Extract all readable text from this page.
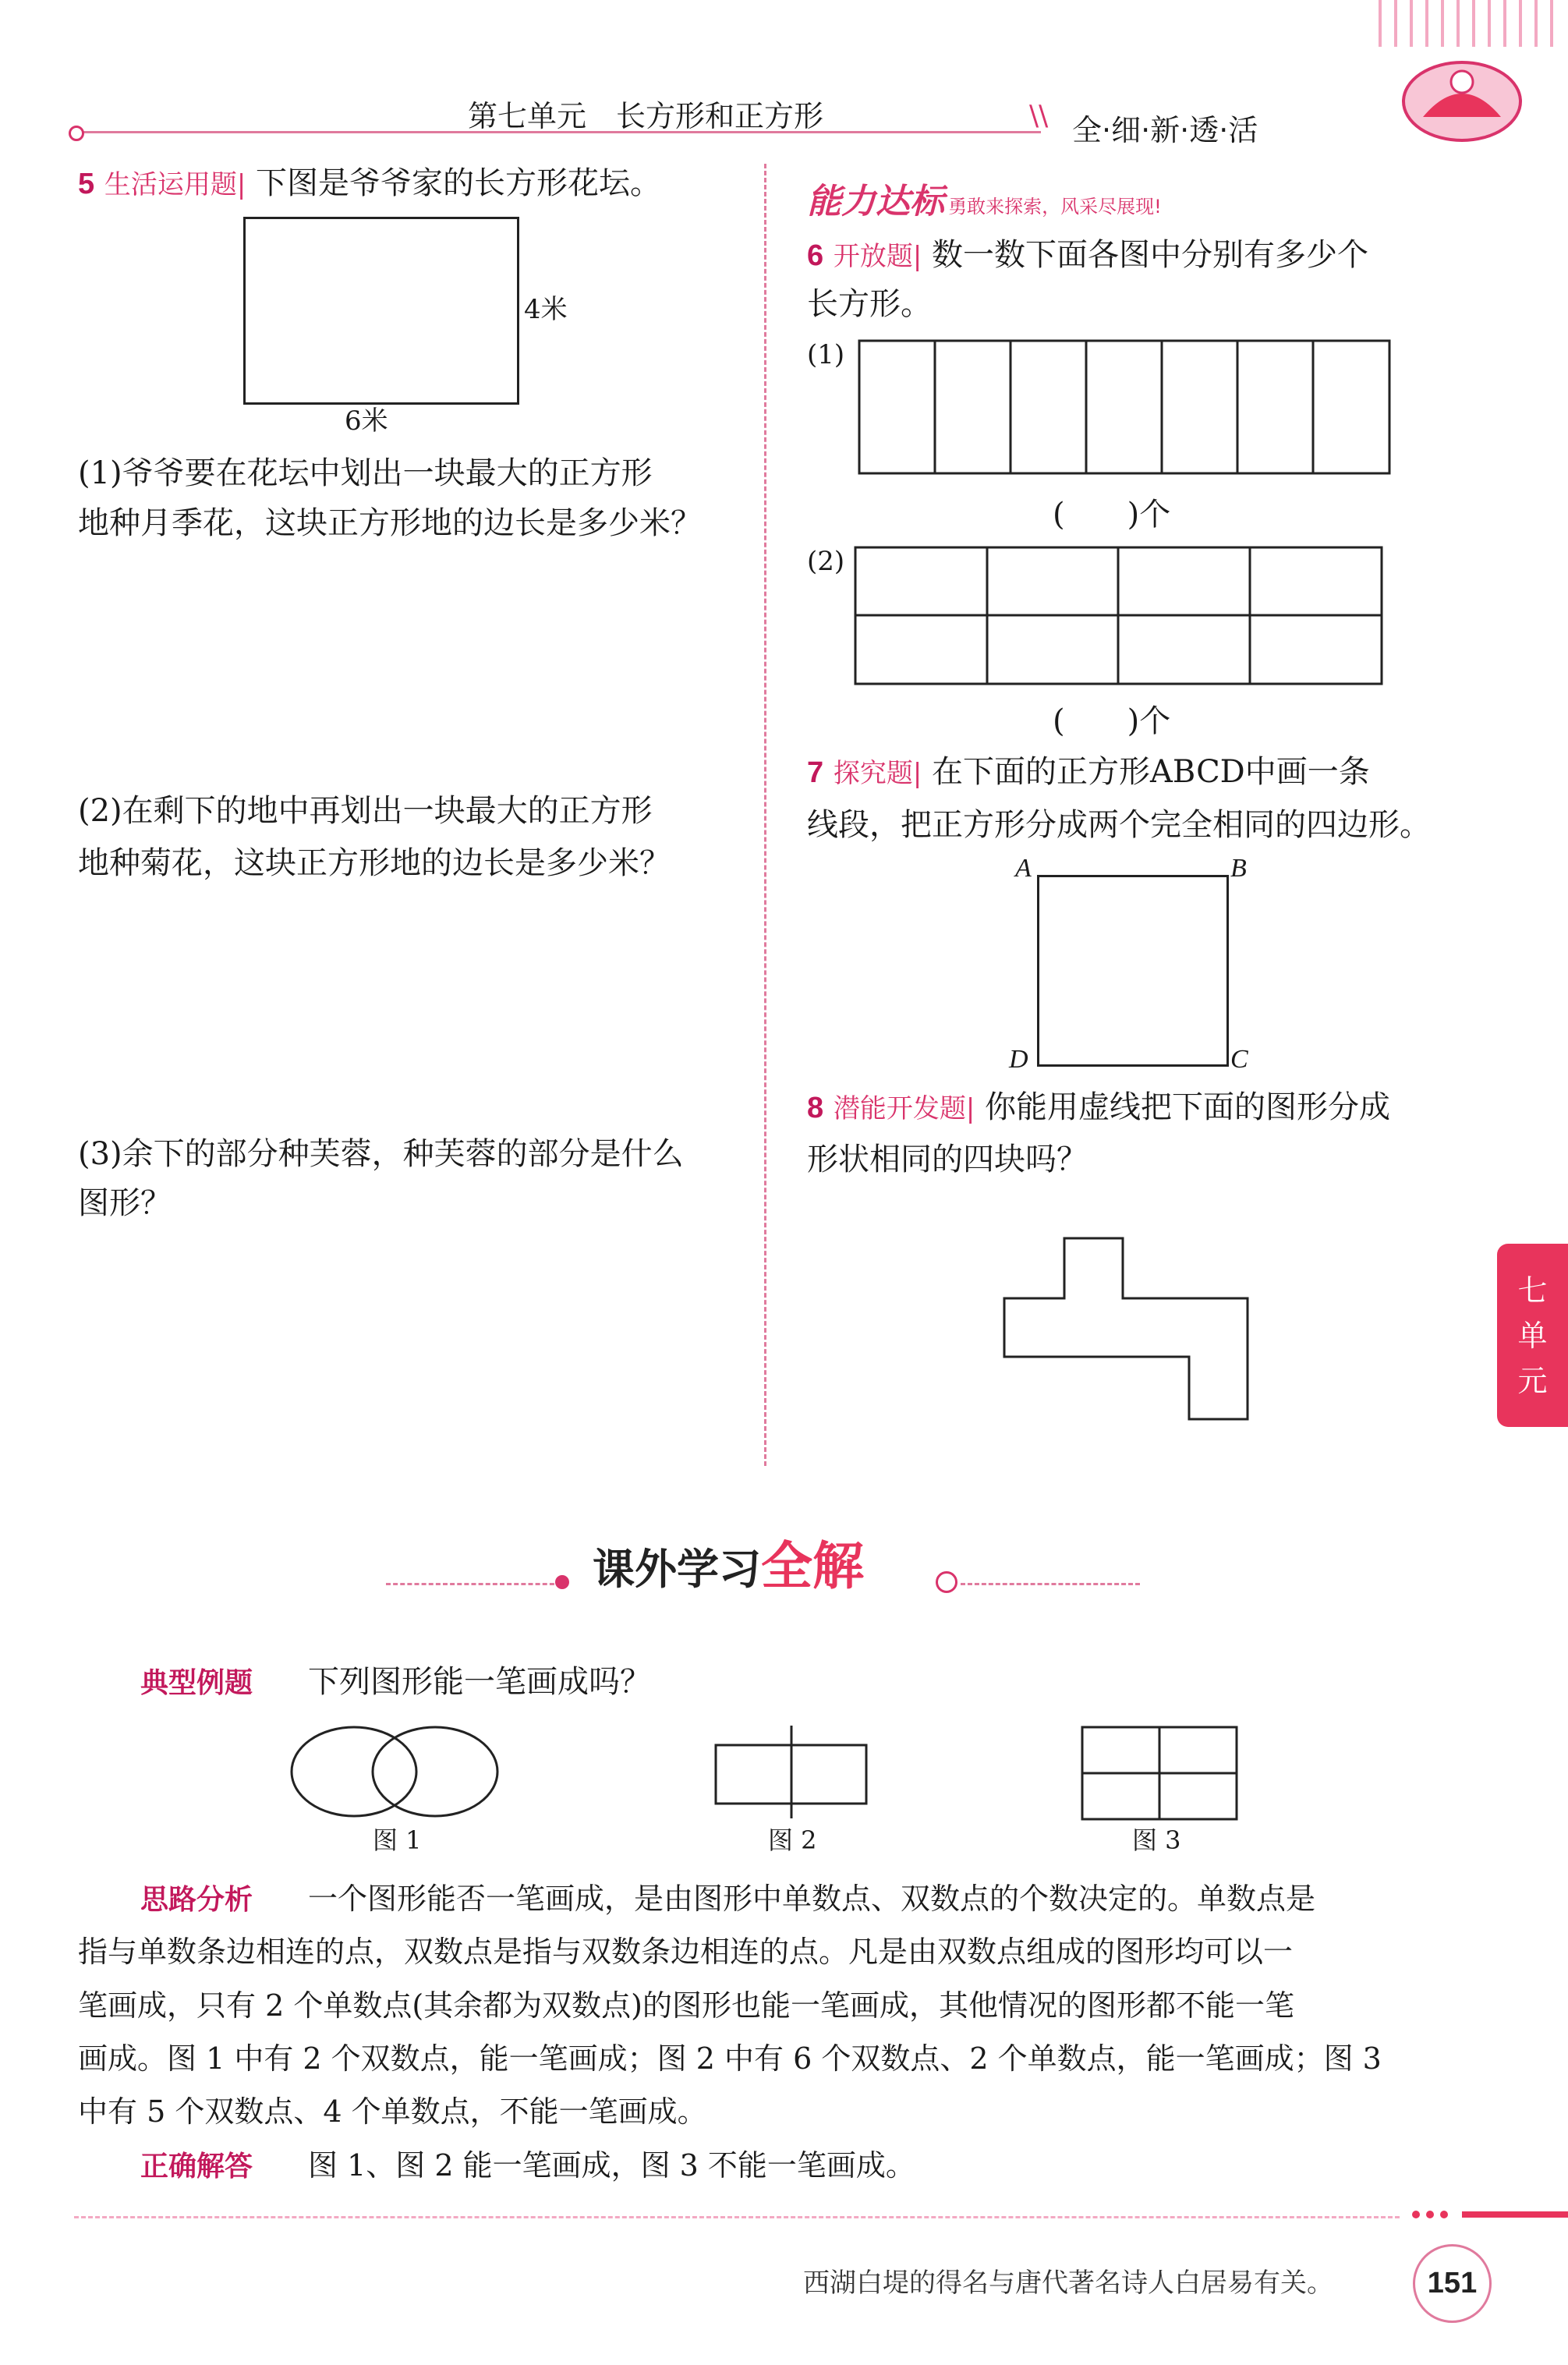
第七单元　长方形和正方形	\\ 全·细·新·透·活
5 生活运用题| 下图是爷爷家的长方形花坛。
4米
6米
(1)爷爷要在花坛中划出一块最大的正方形
地种月季花，这块正方形地的边长是多少米？
(2)在剩下的地中再划出一块最大的正方形
地种菊花，这块正方形地的边长是多少米？
(3)余下的部分种芙蓉，种芙蓉的部分是什么
图形？
能力达标 勇敢来探索，风采尽展现!
6 开放题| 数一数下面各图中分别有多少个
长方形。
(1)
(　　)个
(2)
(　　)个
7 探究题| 在下面的正方形ABCD中画一条
线段，把正方形分成两个完全相同的四边形。
A	B
C
D
8 潜能开发题| 你能用虚线把下面的图形分成
形状相同的四块吗？
七
单
元
课外学习全解
典型例题 下列图形能一笔画成吗？
图 1	图 2	图 3
思路分析 一个图形能否一笔画成，是由图形中单数点、双数点的个数决定的。单数点是
指与单数条边相连的点，双数点是指与双数条边相连的点。凡是由双数点组成的图形均可以一
笔画成，只有 2 个单数点(其余都为双数点)的图形也能一笔画成，其他情况的图形都不能一笔
画成。图 1 中有 2 个双数点，能一笔画成；图 2 中有 6 个双数点、2 个单数点，能一笔画成；图 3
中有 5 个双数点、4 个单数点，不能一笔画成。
正确解答 图 1、图 2 能一笔画成，图 3 不能一笔画成。
西湖白堤的得名与唐代著名诗人白居易有关。	151
